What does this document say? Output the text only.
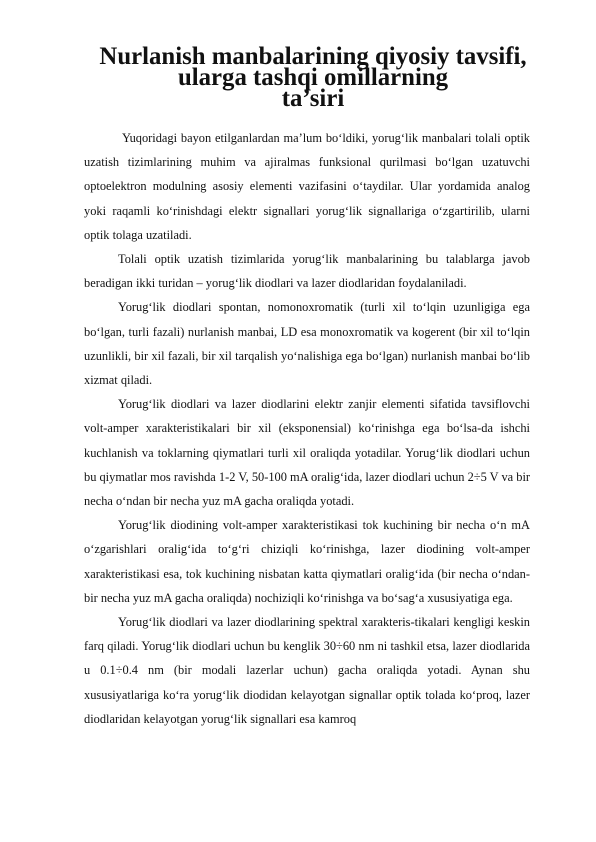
Nurlanish manbalarining qiyosiy tavsifi, ularga tashqi omillarning
ta’siri

Yuqoridagi bayon etilganlardan ma’lum bo‘ldiki, yorug‘lik manbalari tolali optik uzatish tizimlarining muhim va ajiralmas funksional qurilmasi bo‘lgan uzatuvchi optoelektron modulning asosiy elementi vazifasini o‘taydilar. Ular yordamida analog yoki raqamli ko‘rinishdagi elektr signallari yorug‘lik signallariga o‘zgartirilib, ularni optik tolaga uzatiladi.

Tolali optik uzatish tizimlarida yorug‘lik manbalarining bu talablarga javob beradigan ikki turidan – yorug‘lik diodlari va lazer diodlaridan foydalaniladi.

Yorug‘lik diodlari spontan, nomonoxromatik (turli xil to‘lqin uzunligiga ega bo‘lgan, turli fazali) nurlanish manbai, LD esa monoxromatik va kogerent (bir xil to‘lqin uzunlikli, bir xil fazali, bir xil tarqalish yo‘nalishiga ega bo‘lgan) nurlanish manbai bo‘lib xizmat qiladi.

Yorug‘lik diodlari va lazer diodlarini elektr zanjir elementi sifatida tavsiflovchi volt-amper xarakteristikalari bir xil (eksponensial) ko‘rinishga ega bo‘lsa-da ishchi kuchlanish va toklarning qiymatlari turli xil oraliqda yotadilar. Yorug‘lik diodlari uchun bu qiymatlar mos ravishda 1-2 V, 50-100 mA oralig‘ida, lazer diodlari uchun 2÷5 V va bir necha o‘ndan bir necha yuz mA gacha oraliqda yotadi.

Yorug‘lik diodining volt-amper xarakteristikasi tok kuchining bir necha o‘n mA o‘zgarishlari oralig‘ida to‘g‘ri chiziqli ko‘rinishga, lazer diodining volt-amper xarakteristikasi esa, tok kuchining nisbatan katta qiymatlari oralig‘ida (bir necha o‘ndan-bir necha yuz mA gacha oraliqda) nochiziqli ko‘rinishga va bo‘sag‘a xususiyatiga ega.

Yorug‘lik diodlari va lazer diodlarining spektral xarakteris-tikalari kengligi keskin farq qiladi. Yorug‘lik diodlari uchun bu kenglik 30÷60 nm ni tashkil etsa, lazer diodlarida u 0.1÷0.4 nm (bir modali lazerlar uchun) gacha oraliqda yotadi. Aynan shu xususiyatlariga ko‘ra yorug‘lik diodidan kelayotgan signallar optik tolada ko‘proq, lazer diodlaridan kelayotgan yorug‘lik signallari esa kamroq
